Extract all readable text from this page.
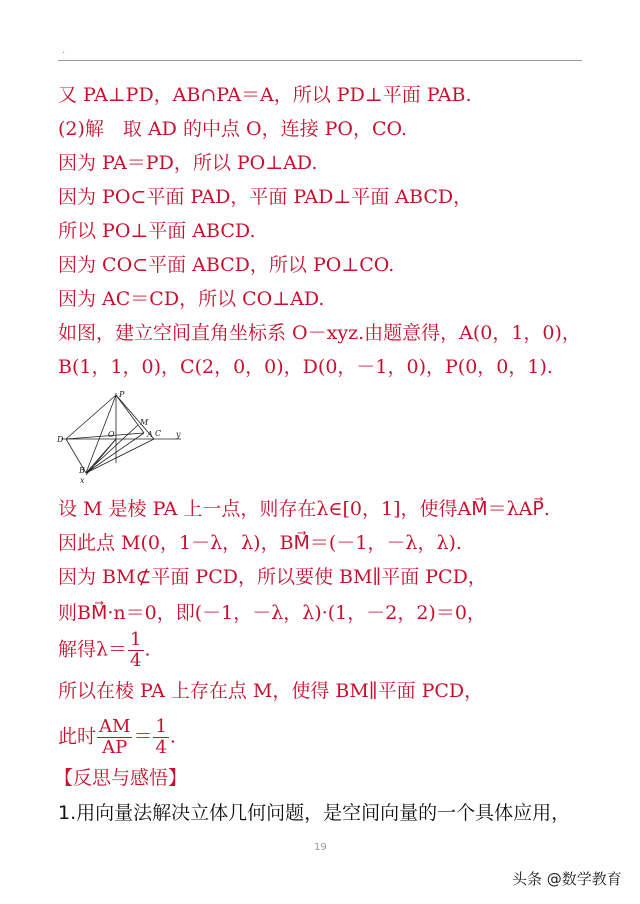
.
又 PA⊥PD，AB∩PA＝A，所以 PD⊥平面 PAB.
(2)解　取 AD 的中点 O，连接 PO，CO.
因为 PA＝PD，所以 PO⊥AD.
因为 PO⊂平面 PAD，平面 PAD⊥平面 ABCD，
所以 PO⊥平面 ABCD.
因为 CO⊂平面 ABCD，所以 PO⊥CO.
因为 AC＝CD，所以 CO⊥AD.
如图，建立空间直角坐标系 O－xyz.由题意得，A(0，1，0)，
B(1，1，0)，C(2，0，0)，D(0，－1，0)，P(0，0，1).
P
M
D
O	C
A
B
x
y
设 M 是棱 PA 上一点，则存在λ∈[0，1]，使得AM⃗＝λAP⃗.
因此点 M(0，1－λ，λ)，BM⃗＝(－1，－λ，λ).
因为 BM⊄平面 PCD，所以要使 BM∥平面 PCD，
则BM⃗·n＝0，即(－1，－λ，λ)·(1，－2，2)＝0，
解得$\lambda= \frac{1}{4}$ .
所以在棱 PA 上存在点 M，使得 BM∥平面 PCD，
此时 $\frac{AM}{AP} = \frac{1}{4}$ .
【反思与感悟】
1.用向量法解决立体几何问题，是空间向量的一个具体应用，
19
头条 @数学教育
